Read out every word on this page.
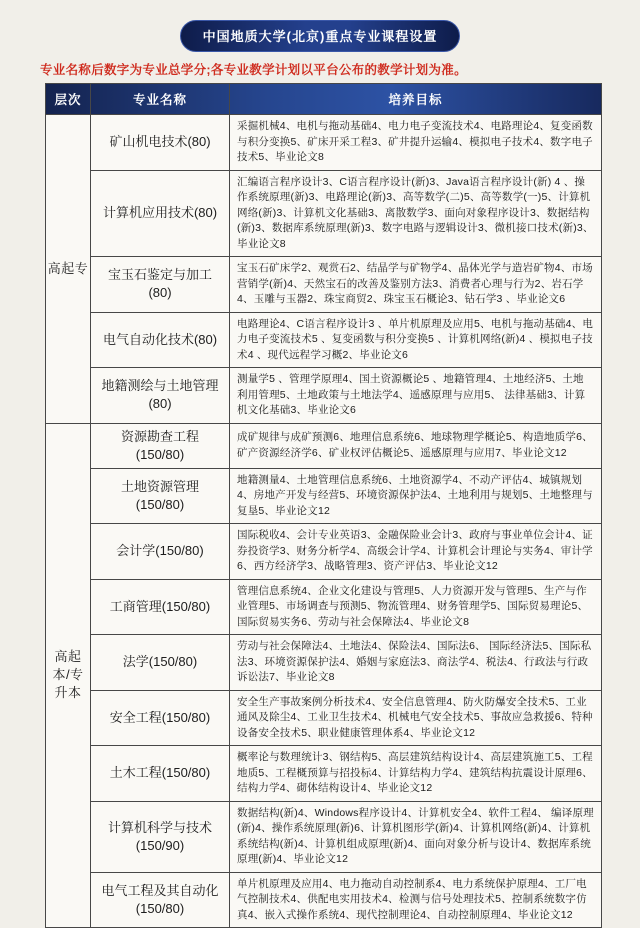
中国地质大学(北京)重点专业课程设置
专业名称后数字为专业总学分;各专业教学计划以平台公布的教学计划为准。
层次	专业名称	培养目标
高起专	矿山机电技术(80)	采掘机械4、电机与拖动基础4、电力电子变流技术4、电路理论4、复变函数与积分变换5、矿床开采工程3、矿井提升运输4、模拟电子技术4、数字电子技术5、毕业论文8
	计算机应用技术(80)	汇编语言程序设计3、C语言程序设计(新)3、Java语言程序设计(新) 4 、操作系统原理(新)3、电路理论(新)3、高等数学(二)5、高等数学(一)5、计算机网络(新)3、计算机文化基础3、离散数学3、面向对象程序设计3、数据结构(新)3、数据库系统原理(新)3、数字电路与逻辑设计3、微机接口技术(新)3、毕业论文8
	宝玉石鉴定与加工(80)	宝玉石矿床学2、观赏石2、结晶学与矿物学4、晶体光学与造岩矿物4、市场营销学(新)4、天然宝石的改善及鉴别方法3、消费者心理与行为2、岩石学4、玉雕与玉器2、珠宝商贸2、珠宝玉石概论3、钻石学3 、毕业论文6
	电气自动化技术(80)	电路理论4、C语言程序设计3 、单片机原理及应用5、电机与拖动基础4、电力电子变流技术5 、复变函数与积分变换5 、计算机网络(新)4 、模拟电子技术4 、现代远程学习概2、毕业论文6
	地籍测绘与土地管理(80)	测量学5 、管理学原理4、国土资源概论5 、地籍管理4、土地经济5、土地利用管理5、土地政策与土地法学4、遥感原理与应用5、 法律基础3、计算机文化基础3、毕业论文6
高起本/专升本	资源勘查工程(150/80)	成矿规律与成矿预测6、地理信息系统6、地球物理学概论5、构造地质学6、矿产资源经济学6、矿业权评估概论5、遥感原理与应用7、毕业论文12
	土地资源管理(150/80)	地籍测量4、土地管理信息系统6、土地资源学4、不动产评估4、城镇规划4、房地产开发与经营5、环境资源保护法4、土地利用与规划5、土地整理与复垦5、毕业论文12
	会计学(150/80)	国际税收4、会计专业英语3、金融保险业会计3、政府与事业单位会计4、证券投资学3、财务分析学4、高级会计学4、计算机会计理论与实务4、审计学6、西方经济学3、战略管理3、资产评估3、毕业论文12
	工商管理(150/80)	管理信息系统4、企业文化建设与管理5、人力资源开发与管理5、生产与作业管理5、市场调查与预测5、物流管理4、财务管理学5、国际贸易理论5、国际贸易实务6、劳动与社会保障法4、毕业论文8
	法学(150/80)	劳动与社会保障法4、土地法4、保险法4、国际法6、 国际经济法5、国际私法3、环境资源保护法4、婚姻与家庭法3、商法学4、税法4、行政法与行政诉讼法7、毕业论文8
	安全工程(150/80)	安全生产事故案例分析技术4、安全信息管理4、防火防爆安全技术5、工业通风及除尘4、工业卫生技术4、机械电气安全技术5、事故应急救援6、特种设备安全技术5、职业健康管理体系4、毕业论文12
	土木工程(150/80)	概率论与数理统计3、钢结构5、高层建筑结构设计4、高层建筑施工5、工程地质5、工程概预算与招投标4、计算结构力学4、建筑结构抗震设计原理6、结构力学4、砌体结构设计4、毕业论文12
	计算机科学与技术(150/90)	数据结构(新)4、Windows程序设计4、计算机安全4、软件工程4、 编译原理(新)4、操作系统原理(新)6、计算机图形学(新)4、计算机网络(新)4、计算机系统结构(新)4、计算机组成原理(新)4、面向对象分析与设计4、数据库系统原理(新)4、毕业论文12
	电气工程及其自动化(150/80)	单片机原理及应用4、电力拖动自动控制系4、电力系统保护原理4、工厂电气控制技术4、供配电实用技术4、检测与信号处理技术5、控制系统数字仿真4、嵌入式操作系统4、现代控制理论4、自动控制原理4、毕业论文12
